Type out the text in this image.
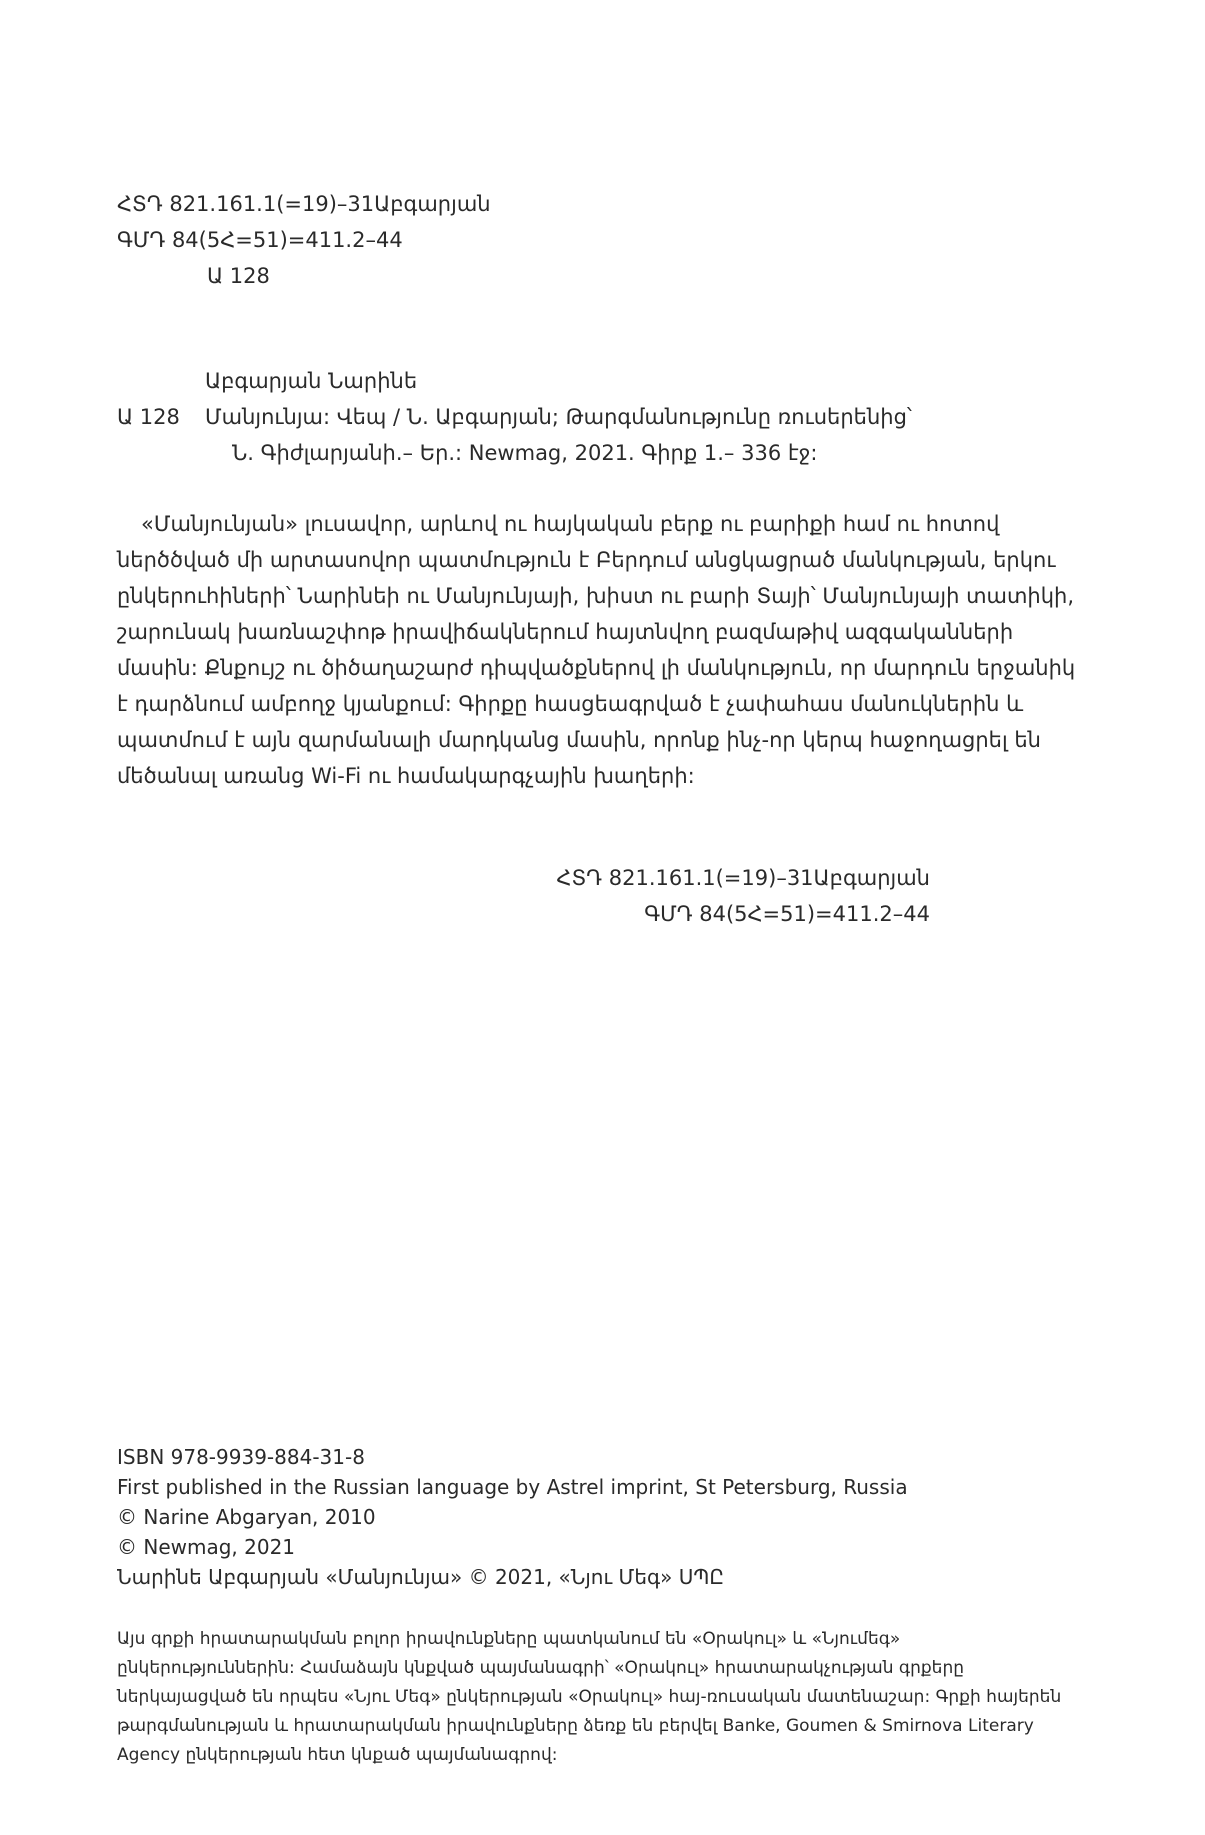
ՀՏԴ 821.161.1(=19)–31Աբգարյան
ԳՄԴ 84(5Հ=51)=411.2–44
Ա 128
Աբգարյան Նարինե
Ա 128	Մանյունյա: Վեպ / Ն. Աբգարյան; Թարգմանությունը ռուսերենից՝
Ն. Գիժլարյանի.– Եր.: Newmag, 2021. Գիրք 1.– 336 էջ:
«Մանյունյան» լուսավոր, արևով ու հայկական բերք ու բարիքի համ ու հոտով
ներծծված մի արտասովոր պատմություն է Բերդում անցկացրած մանկության, երկու
ընկերուհիների՝ Նարինեի ու Մանյունյայի, խիստ ու բարի Տայի՝ Մանյունյայի տատիկի,
շարունակ խառնաշփոթ իրավիճակներում հայտնվող բազմաթիվ ազգականների
մասին: Քնքույշ ու ծիծաղաշարժ դիպվածքներով լի մանկություն, որ մարդուն երջանիկ
է դարձնում ամբողջ կյանքում: Գիրքը հասցեագրված է չափահաս մանուկներին և
պատմում է այն զարմանալի մարդկանց մասին, որոնք ինչ-որ կերպ հաջողացրել են
մեծանալ առանց Wi-Fi ու համակարգչային խաղերի:
ՀՏԴ 821.161.1(=19)–31Աբգարյան
ԳՄԴ 84(5Հ=51)=411.2–44
ISBN 978-9939-884-31-8
First published in the Russian language by Astrel imprint, St Petersburg, Russia
© Narine Abgaryan, 2010
© Newmag, 2021
Նարինե Աբգարյան «Մանյունյա» © 2021, «Նյու Մեգ» ՍՊԸ
Այս գրքի հրատարակման բոլոր իրավունքները պատկանում են «Օրակուլ» և «Նյումեգ»
ընկերություններին: Համաձայն կնքված պայմանագրի՝ «Օրակուլ» հրատարակչության գրքերը
ներկայացված են որպես «Նյու Մեգ» ընկերության «Օրակուլ» հայ-ռուսական մատենաշար: Գրքի հայերեն
թարգմանության և հրատարակման իրավունքները ձեռք են բերվել Banke, Goumen & Smirnova Literary
Agency ընկերության հետ կնքած պայմանագրով:
